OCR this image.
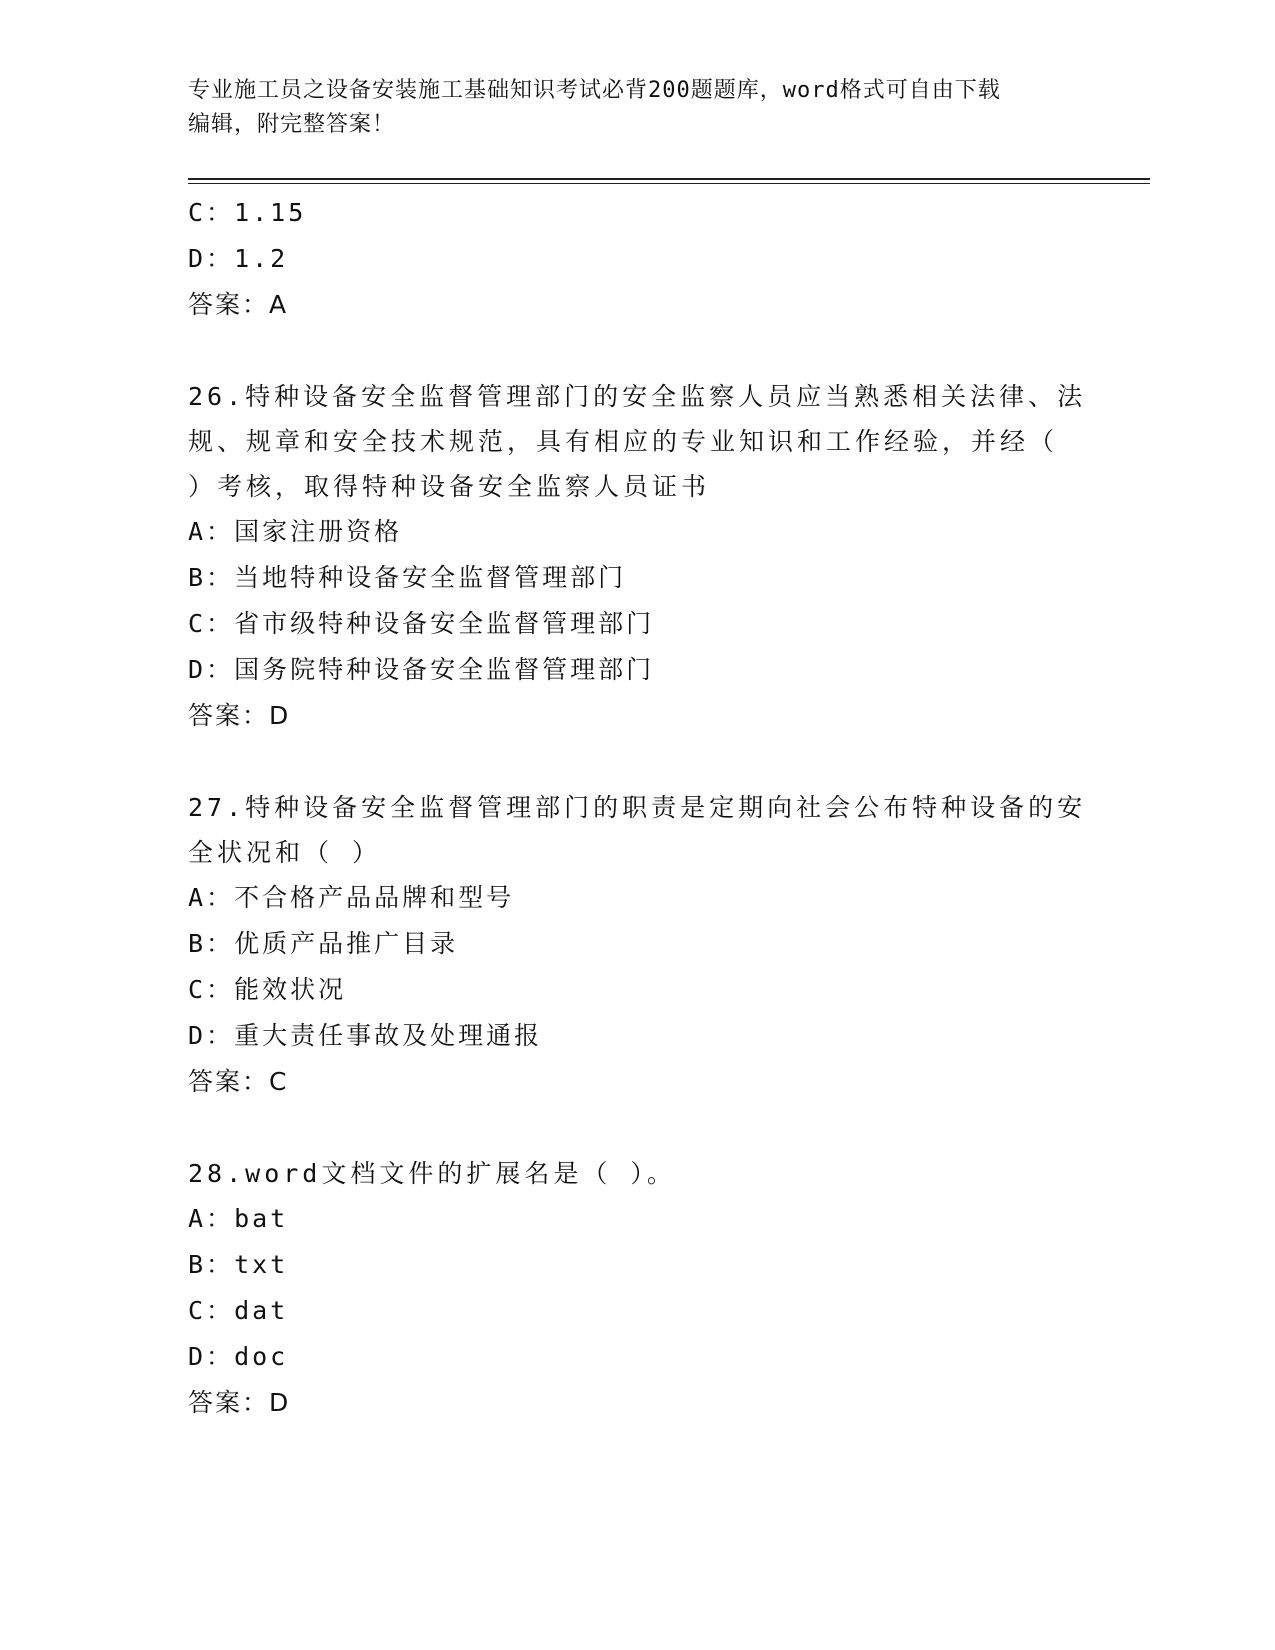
专业施工员之设备安装施工基础知识考试必背200题题库，word格式可自由下载
编辑，附完整答案！
C：1.15
D：1.2
答案：A
26.特种设备安全监督管理部门的安全监察人员应当熟悉相关法律、法
规、规章和安全技术规范，具有相应的专业知识和工作经验，并经（
）考核，取得特种设备安全监察人员证书
A：国家注册资格
B：当地特种设备安全监督管理部门
C：省市级特种设备安全监督管理部门
D：国务院特种设备安全监督管理部门
答案：D
27.特种设备安全监督管理部门的职责是定期向社会公布特种设备的安
全状况和（ ）
A：不合格产品品牌和型号
B：优质产品推广目录
C：能效状况
D：重大责任事故及处理通报
答案：C
28.word文档文件的扩展名是（ ）。
A：bat
B：txt
C：dat
D：doc
答案：D
